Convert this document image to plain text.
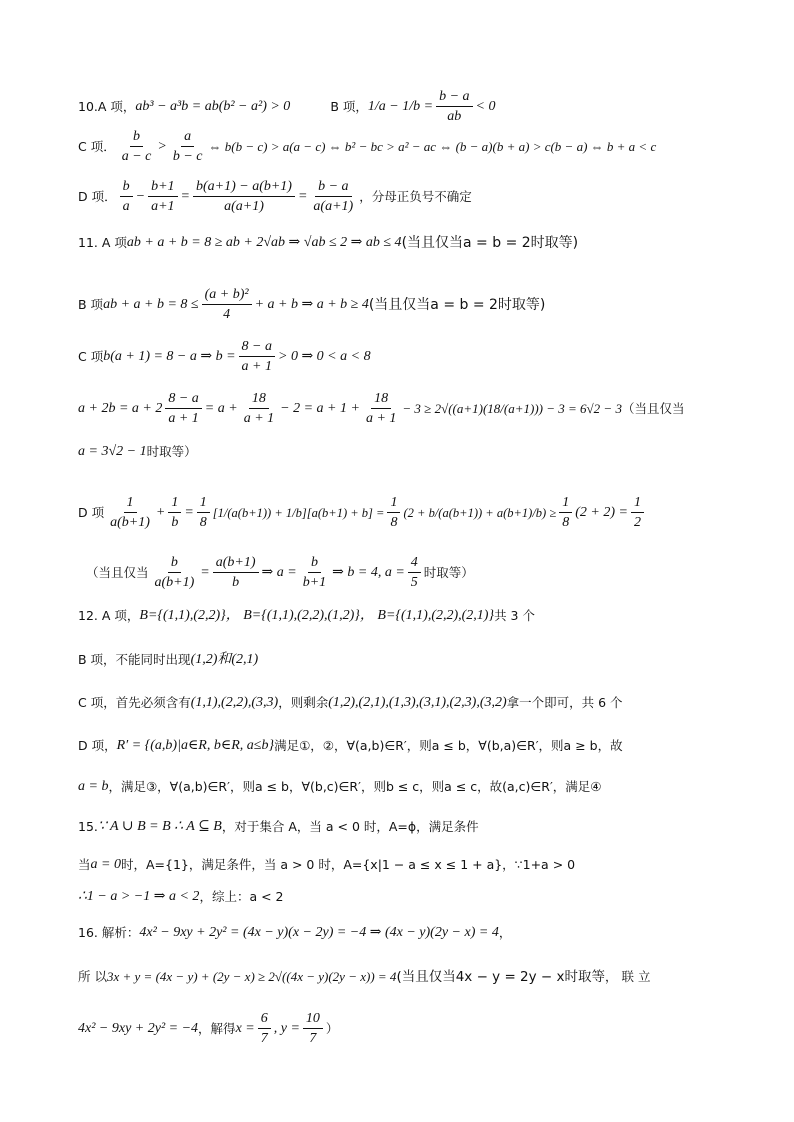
10.A 项， ab³ − a³b = ab(b² − a²) > 0	B 项， $1/a - 1/b = \frac{b - a}{ab} < 0$
C 项． $\frac{b}{a - c} > \frac{a}{b - c}$ ⇔ b(b − c) > a(a − c) ⇔ b² − bc > a² − ac ⇔ (b − a)(b + a) > c(b − a) ⇔ b + a < c
D 项． $\frac{b}{a} - \frac{b+1}{a+1} = \frac{b(a+1) - a(b+1)}{a(a+1)} = \frac{b - a}{a(a+1)}$ ，分母正负号不确定
11. A 项 ab + a + b = 8 ≥ ab + 2√ab ⇒ √ab ≤ 2 ⇒ ab ≤ 4 (当且仅当a = b = 2时取等)
B 项 ab + $a + b = 8 \le \frac{\text{(a + b)²}}{4} + a + b$ ⇒ a + b ≥ 4 (当且仅当a = b = 2时取等)
C 项 b(a + 1) = 8 − a ⇒ $b = \frac{8 - a}{a + 1} > 0$ ⇒ 0 < a < 8
$a + 2b = a + 2 \frac{8 - a}{a + 1} = a + \frac{18}{a + 1} - 2 = a + 1 + \frac{18}{a + 1} - 3 \ge 2√((a+1)(18/(a+1))) - 3 = 6√2 - 3$ （当且仅当
a = 3√2 − 1 时取等）
D 项 $\frac{1}{a(b+1)} + \frac{1}{b} = \frac{1}{8} [1/(a(b+1)) + 1/b][a(b+1) + b] = \frac{1}{8} (2 + b/(a(b+1)) + a(b+1)/b) \ge \frac{1}{8} (2 + 2) = \frac{1}{2}$
（当且仅当 $\frac{b}{a(b+1)} = \frac{a(b+1)}{b}$ ⇒ $a = \frac{b}{b+1}$ ⇒ b = 4, $a = \frac{4}{5}$ 时取等）
12. A 项， B={(1,1),(2,2)}， B={(1,1),(2,2),(1,2)}， B={(1,1),(2,2),(2,1)} 共 3 个
B 项，不能同时出现 (1,2)和(2,1)
C 项，首先必须含有 (1,1),(2,2),(3,3) ，则剩余 (1,2),(2,1),(1,3),(3,1),(2,3),(3,2) 拿一个即可，共 6 个
D 项， R′ = {(a,b)|a∈R, b∈R, a≤b} 满足①，②，∀(a,b)∈R′，则a ≤ b，∀(b,a)∈R′，则a ≥ b，故
a = b ，满足③，∀(a,b)∈R′，则a ≤ b，∀(b,c)∈R′，则b ≤ c，则a ≤ c，故(a,c)∈R′，满足④
15. ∵ A ∪ B = B ∴ A ⊆ B ，对于集合 A，当 a < 0 时，A=ϕ，满足条件
当 a = 0 时，A={1}，满足条件，当 a > 0 时，A={x|1 − a ≤ x ≤ 1 + a}，∵1+a > 0
∴1 − a > −1 ⇒ a < 2 ，综上：a < 2
16. 解析： 4x² − 9xy + 2y² = (4x − y)(x − 2y) = −4 ⇒ (4x − y)(2y − x) = 4 ，
所 以 3x + y = (4x − y) + (2y − x) ≥ 2√((4x − y)(2y − x)) = 4 (当且仅当4x − y = 2y − x时取等 ， 联 立
4x² − 9xy + 2y² = −4 ，解得 $x = \frac{6}{7}$ , $y = \frac{10}{7}$ ）
